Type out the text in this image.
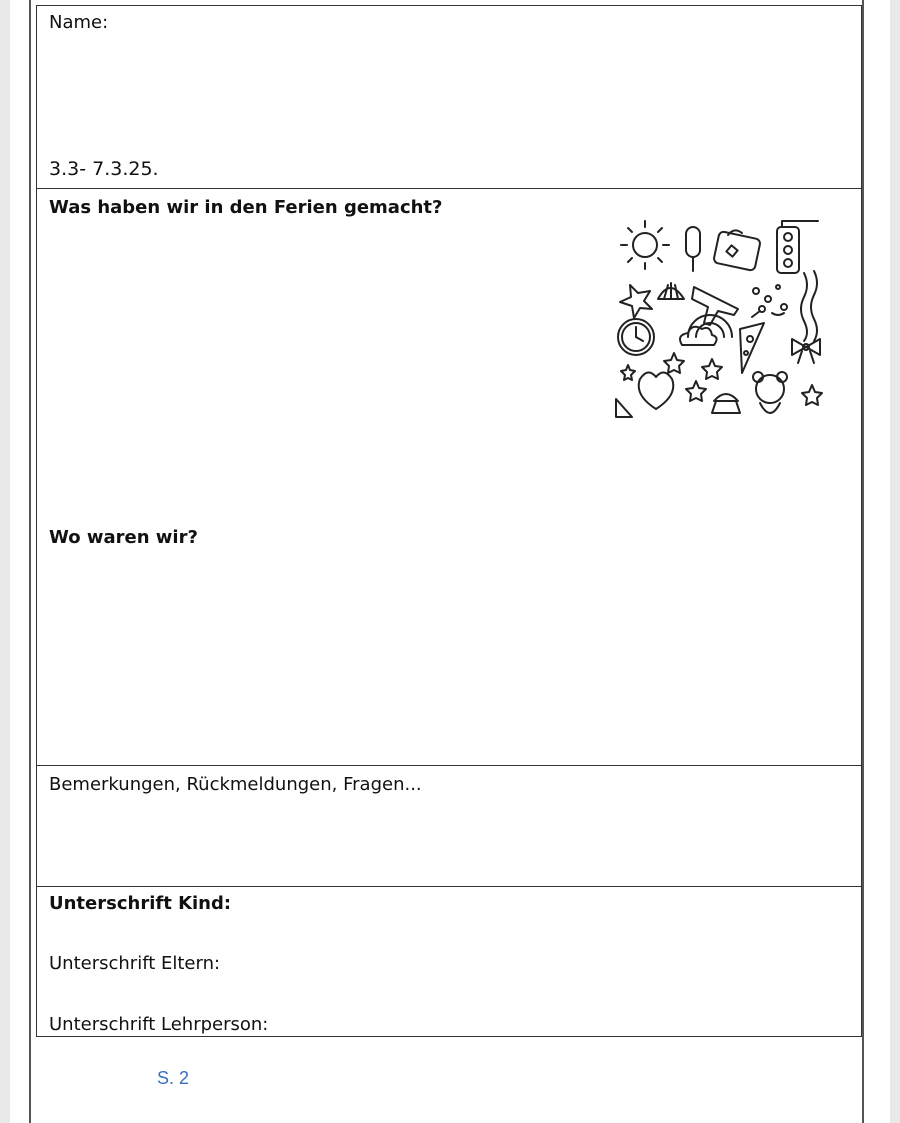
Name:
3.3- 7.3.25.
Was haben wir in den Ferien gemacht?
Wo waren wir?
Bemerkungen, Rückmeldungen, Fragen...
Unterschrift Kind:
Unterschrift Eltern:
Unterschrift Lehrperson:
S. 2
